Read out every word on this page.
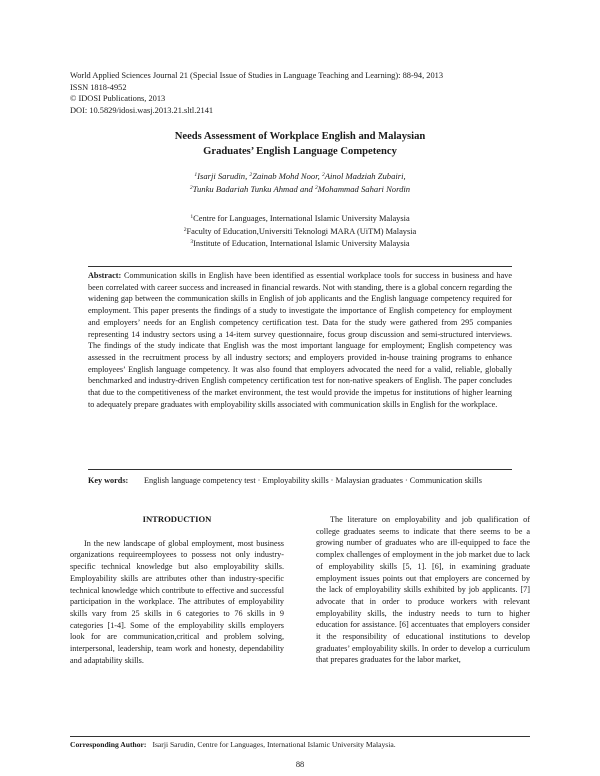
World Applied Sciences Journal 21 (Special Issue of Studies in Language Teaching and Learning): 88-94, 2013
ISSN 1818-4952
© IDOSI Publications, 2013
DOI: 10.5829/idosi.wasj.2013.21.sltl.2141
Needs Assessment of Workplace English and Malaysian
Graduates’ English Language Competency
$^1$Isarji Sarudin, $^2$Zainab Mohd Noor, $^2$Ainol Madziah Zubairi,
$^2$Tunku Badariah Tunku Ahmad and $^2$Mohammad Sahari Nordin
$^1$Centre for Languages, International Islamic University Malaysia
$^2$Faculty of Education,Universiti Teknologi MARA (UiTM) Malaysia
$^3$Institute of Education, International Islamic University Malaysia
Abstract: Communication skills in English have been identified as essential workplace tools for success in business and have been correlated with career success and increased in financial rewards. Not with standing, there is a global concern regarding the widening gap between the communication skills in English of job applicants and the English language competency required for employment. This paper presents the findings of a study to investigate the importance of English competency for employment and employers’ needs for an English competency certification test. Data for the study were gathered from 295 companies representing 14 industry sectors using a 14-item survey questionnaire, focus group discussion and semi-structured interviews. The findings of the study indicate that English was the most important language for employment; English competency was assessed in the recruitment process by all industry sectors; and employers provided in-house training programs to enhance employees’ English language competency. It was also found that employers advocated the need for a valid, reliable, globally benchmarked and industry-driven English competency certification test for non-native speakers of English. The paper concludes that due to the competitiveness of the market environment, the test would provide the impetus for institutions of higher learning to adequately prepare graduates with employability skills associated with communication skills in English for the workplace.
Key words:	English language competency test · Employability skills · Malaysian graduates · Communication skills
INTRODUCTION

In the new landscape of global employment, most business organizations requireemployees to possess not only industry-specific technical knowledge but also employability skills. Employability skills are attributes other than industry-specific technical knowledge which contribute to effective and successful participation in the workplace. The attributes of employability skills vary from 25 skills in 6 categories to 76 skills in 9 categories [1-4]. Some of the employability skills employers look for are communication,critical and problem solving, interpersonal, leadership, team work and honesty, dependability and adaptability skills.

The literature on employability and job qualification of college graduates seems to indicate that there seems to be a growing number of graduates who are ill-equipped to face the complex challenges of employment in the job market due to lack of employability skills [5, 1]. [6], in examining graduate employment issues points out that employers are concerned by the lack of employability skills exhibited by job applicants. [7] advocate that in order to produce workers with relevant employability skills, the industry needs to turn to higher education for assistance. [6] accentuates that employers consider it the responsibility of educational institutions to develop graduates’ employability skills. In order to develop a curriculum that prepares graduates for the labor market,

Corresponding Author: Isarji Sarudin, Centre for Languages, International Islamic University Malaysia.
88
